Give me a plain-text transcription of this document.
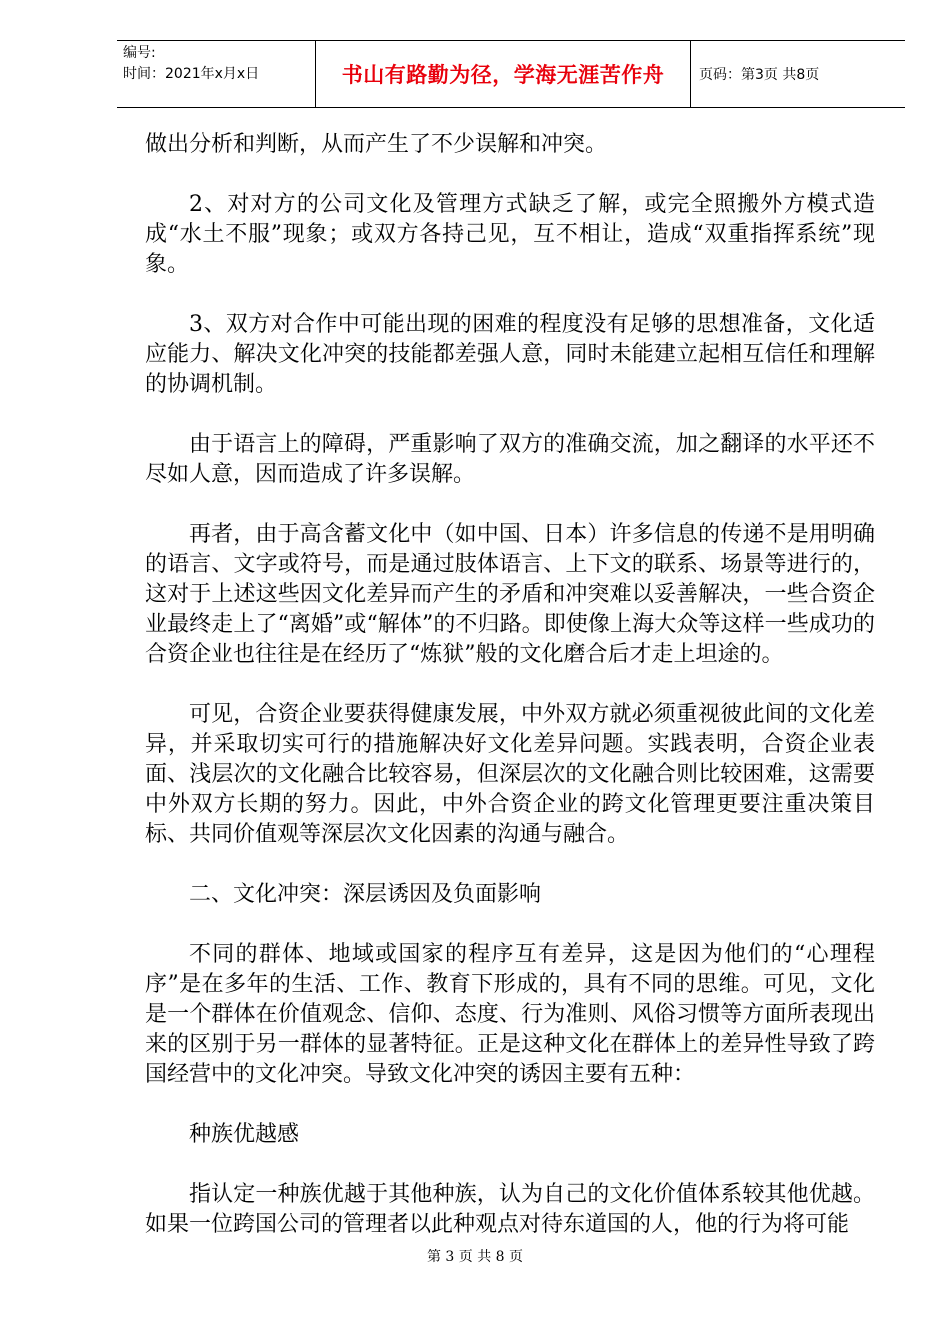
编号:
时间：2021年x月x日	书山有路勤为径，学海无涯苦作舟 页码：第3页 共8页

做出分析和判断，从而产生了不少误解和冲突。

2、对对方的公司文化及管理方式缺乏了解，或完全照搬外方模式造成“水土不服”现象；或双方各持己见，互不相让，造成“双重指挥系统”现象。

3、双方对合作中可能出现的困难的程度没有足够的思想准备，文化适应能力、解决文化冲突的技能都差强人意，同时未能建立起相互信任和理解的协调机制。

由于语言上的障碍，严重影响了双方的准确交流，加之翻译的水平还不尽如人意，因而造成了许多误解。

再者，由于高含蓄文化中（如中国、日本）许多信息的传递不是用明确的语言、文字或符号，而是通过肢体语言、上下文的联系、场景等进行的，这对于上述这些因文化差异而产生的矛盾和冲突难以妥善解决，一些合资企业最终走上了“离婚”或“解体”的不归路。即使像上海大众等这样一些成功的合资企业也往往是在经历了“炼狱”般的文化磨合后才走上坦途的。

可见，合资企业要获得健康发展，中外双方就必须重视彼此间的文化差异，并采取切实可行的措施解决好文化差异问题。实践表明，合资企业表面、浅层次的文化融合比较容易，但深层次的文化融合则比较困难，这需要中外双方长期的努力。因此，中外合资企业的跨文化管理更要注重决策目标、共同价值观等深层次文化因素的沟通与融合。

二、文化冲突：深层诱因及负面影响

不同的群体、地域或国家的程序互有差异，这是因为他们的“心理程序”是在多年的生活、工作、教育下形成的，具有不同的思维。可见，文化是一个群体在价值观念、信仰、态度、行为准则、风俗习惯等方面所表现出来的区别于另一群体的显著特征。正是这种文化在群体上的差异性导致了跨国经营中的文化冲突。导致文化冲突的诱因主要有五种：

种族优越感

指认定一种族优越于其他种族，认为自己的文化价值体系较其他优越。如果一位跨国公司的管理者以此种观点对待东道国的人，他的行为将可能

第 3 页 共 8 页
